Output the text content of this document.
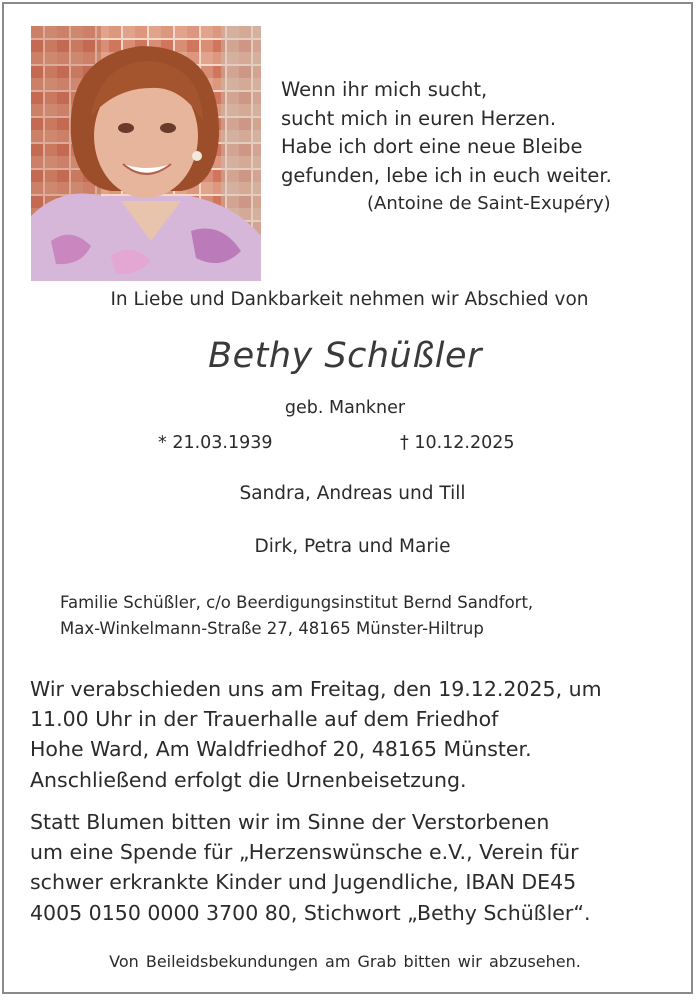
Wenn ihr mich sucht,
sucht mich in euren Herzen.
Habe ich dort eine neue Bleibe
gefunden, lebe ich in euch weiter.
(Antoine de Saint-Exupéry)
In Liebe und Dankbarkeit nehmen wir Abschied von
Bethy Schüßler
geb. Mankner
* 21.03.1939	† 10.12.2025
Sandra, Andreas und Till
Dirk, Petra und Marie
Familie Schüßler, c/o Beerdigungsinstitut Bernd Sandfort,
Max-Winkelmann-Straße 27, 48165 Münster-Hiltrup
Wir verabschieden uns am Freitag, den 19.12.2025, um
11.00 Uhr in der Trauerhalle auf dem Friedhof
Hohe Ward, Am Waldfriedhof 20, 48165 Münster.
Anschließend erfolgt die Urnenbeisetzung.
Statt Blumen bitten wir im Sinne der Verstorbenen
um eine Spende für „Herzenswünsche e.V., Verein für
schwer erkrankte Kinder und Jugendliche, IBAN DE45
4005 0150 0000 3700 80, Stichwort „Bethy Schüßler“.
Von Beileidsbekundungen am Grab bitten wir abzusehen.
